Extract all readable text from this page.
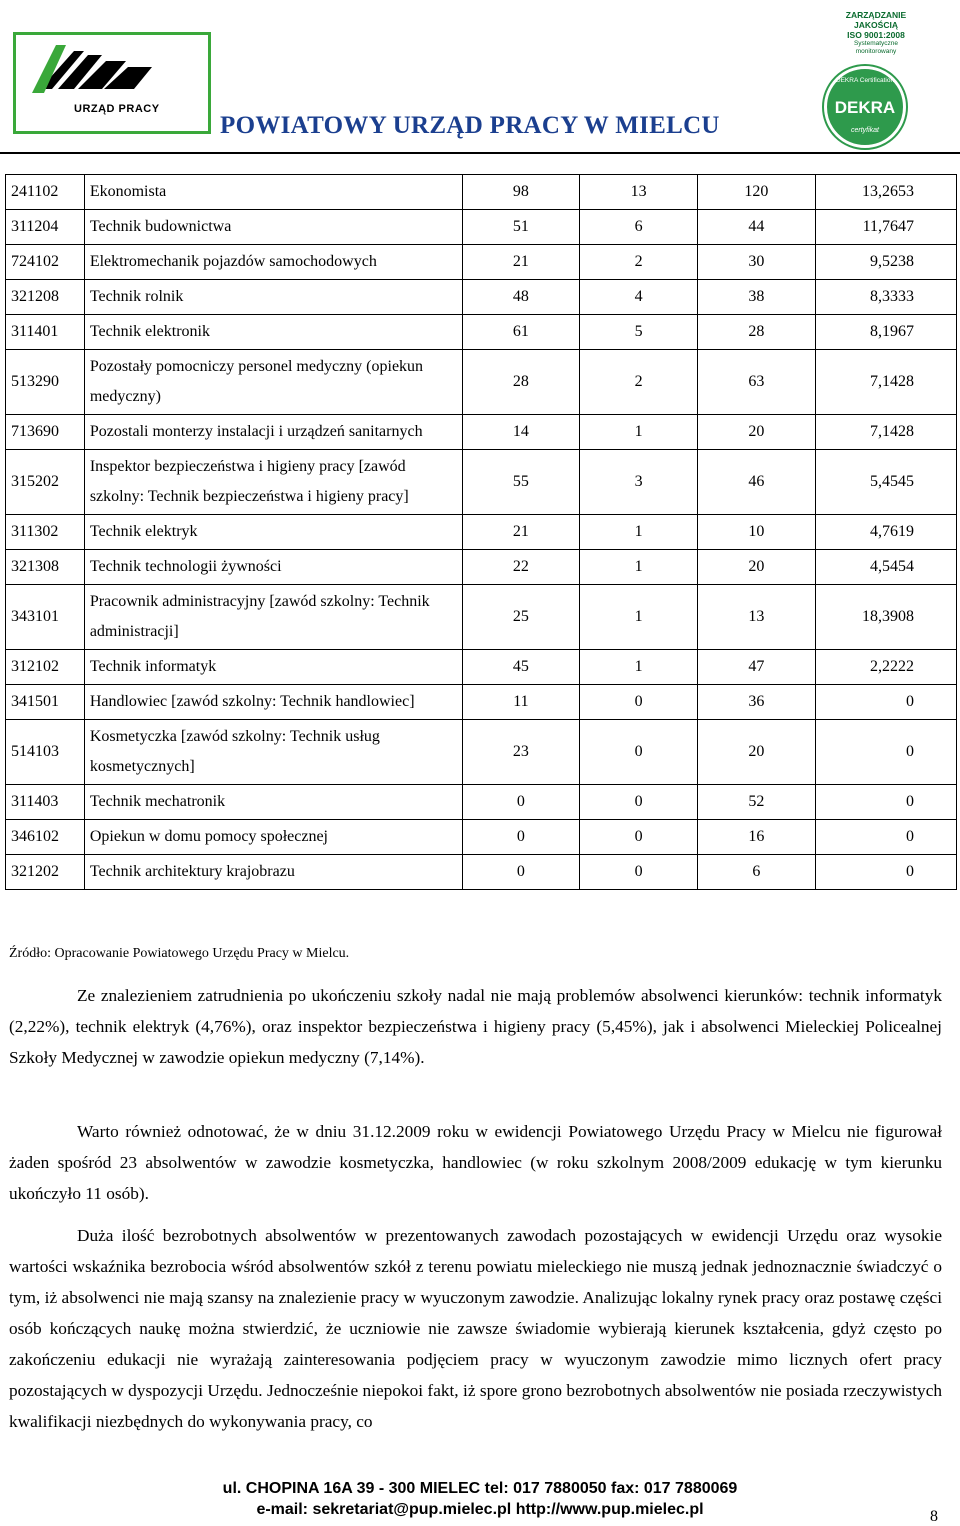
URZĄD PRACY
POWIATOWY URZĄD PRACY W MIELCU
ZARZĄDZANIE
JAKOŚCIĄ
ISO 9001:2008
Systematyczne
monitorowany
DEKRA Certification
DEKRA
certyfikat
241102	Ekonomista	98	13	120	13,2653
311204	Technik budownictwa	51	6	44	11,7647
724102	Elektromechanik pojazdów samochodowych	21	2	30	9,5238
321208	Technik rolnik	48	4	38	8,3333
311401	Technik elektronik	61	5	28	8,1967
513290	Pozostały pomocniczy personel medyczny (opiekun medyczny)	28	2	63	7,1428
713690	Pozostali monterzy instalacji i urządzeń sanitarnych	14	1	20	7,1428
315202	Inspektor bezpieczeństwa i higieny pracy [zawód szkolny: Technik bezpieczeństwa i higieny pracy]	55	3	46	5,4545
311302	Technik elektryk	21	1	10	4,7619
321308	Technik technologii żywności	22	1	20	4,5454
343101	Pracownik administracyjny [zawód szkolny: Technik administracji]	25	1	13	18,3908
312102	Technik informatyk	45	1	47	2,2222
341501	Handlowiec [zawód szkolny: Technik handlowiec]	11	0	36	0
514103	Kosmetyczka [zawód szkolny: Technik usług kosmetycznych]	23	0	20	0
311403	Technik mechatronik	0	0	52	0
346102	Opiekun w domu pomocy społecznej	0	0	16	0
321202	Technik architektury krajobrazu	0	0	6	0
Źródło: Opracowanie Powiatowego Urzędu Pracy w Mielcu.

Ze znalezieniem zatrudnienia po ukończeniu szkoły nadal nie mają problemów absolwenci kierunków: technik informatyk (2,22%), technik elektryk (4,76%), oraz inspektor bezpieczeństwa i higieny pracy (5,45%), jak i absolwenci Mieleckiej Policealnej Szkoły Medycznej w zawodzie opiekun medyczny (7,14%).

Warto również odnotować, że w dniu 31.12.2009 roku w ewidencji Powiatowego Urzędu Pracy w Mielcu nie figurował żaden spośród 23 absolwentów w zawodzie kosmetyczka, handlowiec (w roku szkolnym 2008/2009 edukację w tym kierunku ukończyło 11 osób).

Duża ilość bezrobotnych absolwentów w prezentowanych zawodach pozostających w ewidencji Urzędu oraz wysokie wartości wskaźnika bezrobocia wśród absolwentów szkół z terenu powiatu mieleckiego nie muszą jednak jednoznacznie świadczyć o tym, iż absolwenci nie mają szansy na znalezienie pracy w wyuczonym zawodzie. Analizując lokalny rynek pracy oraz postawę części osób kończących naukę można stwierdzić, że uczniowie nie zawsze świadomie wybierają kierunek kształcenia, gdyż często po zakończeniu edukacji nie wyrażają zainteresowania podjęciem pracy w wyuczonym zawodzie mimo licznych ofert pracy pozostających w dyspozycji Urzędu. Jednocześnie niepokoi fakt, iż spore grono bezrobotnych absolwentów nie posiada rzeczywistych kwalifikacji niezbędnych do wykonywania pracy, co

ul. CHOPINA 16A 39 - 300 MIELEC tel: 017 7880050 fax: 017 7880069
e-mail: sekretariat@pup.mielec.pl http://www.pup.mielec.pl	8
